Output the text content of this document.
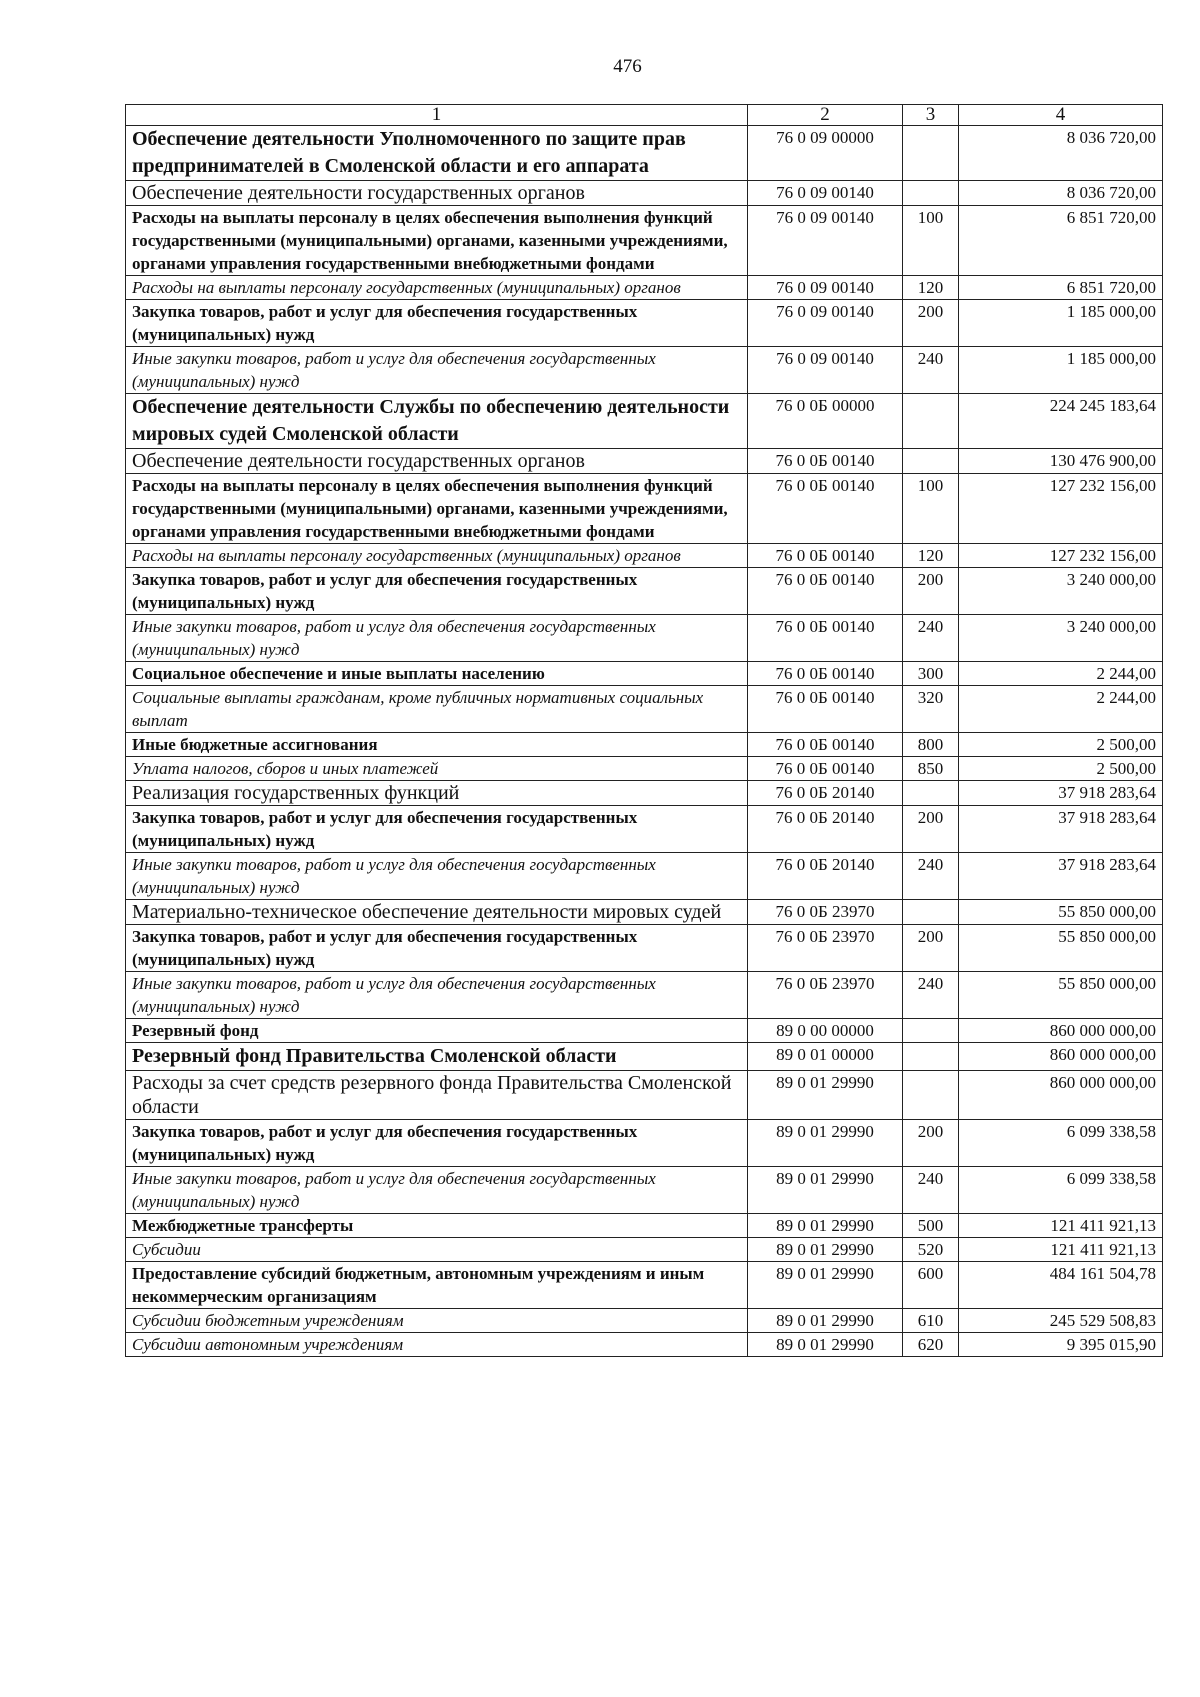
476
1	2	3	4
Обеспечение деятельности Уполномоченного по защите прав предпринимателей в Смоленской области и его аппарата	76 0 09 00000		8 036 720,00
Обеспечение деятельности государственных органов	76 0 09 00140		8 036 720,00
Расходы на выплаты персоналу в целях обеспечения выполнения функций государственными (муниципальными) органами, казенными учреждениями, органами управления государственными внебюджетными фондами	76 0 09 00140	100	6 851 720,00
Расходы на выплаты персоналу государственных (муниципальных) органов	76 0 09 00140	120	6 851 720,00
Закупка товаров, работ и услуг для обеспечения государственных (муниципальных) нужд	76 0 09 00140	200	1 185 000,00
Иные закупки товаров, работ и услуг для обеспечения государственных (муниципальных) нужд	76 0 09 00140	240	1 185 000,00
Обеспечение деятельности Службы по обеспечению деятельности мировых судей Смоленской области	76 0 0Б 00000		224 245 183,64
Обеспечение деятельности государственных органов	76 0 0Б 00140		130 476 900,00
Расходы на выплаты персоналу в целях обеспечения выполнения функций государственными (муниципальными) органами, казенными учреждениями, органами управления государственными внебюджетными фондами	76 0 0Б 00140	100	127 232 156,00
Расходы на выплаты персоналу государственных (муниципальных) органов	76 0 0Б 00140	120	127 232 156,00
Закупка товаров, работ и услуг для обеспечения государственных (муниципальных) нужд	76 0 0Б 00140	200	3 240 000,00
Иные закупки товаров, работ и услуг для обеспечения государственных (муниципальных) нужд	76 0 0Б 00140	240	3 240 000,00
Социальное обеспечение и иные выплаты населению	76 0 0Б 00140	300	2 244,00
Социальные выплаты гражданам, кроме публичных нормативных социальных выплат	76 0 0Б 00140	320	2 244,00
Иные бюджетные ассигнования	76 0 0Б 00140	800	2 500,00
Уплата налогов, сборов и иных платежей	76 0 0Б 00140	850	2 500,00
Реализация государственных функций	76 0 0Б 20140		37 918 283,64
Закупка товаров, работ и услуг для обеспечения государственных (муниципальных) нужд	76 0 0Б 20140	200	37 918 283,64
Иные закупки товаров, работ и услуг для обеспечения государственных (муниципальных) нужд	76 0 0Б 20140	240	37 918 283,64
Материально-техническое обеспечение деятельности мировых судей	76 0 0Б 23970		55 850 000,00
Закупка товаров, работ и услуг для обеспечения государственных (муниципальных) нужд	76 0 0Б 23970	200	55 850 000,00
Иные закупки товаров, работ и услуг для обеспечения государственных (муниципальных) нужд	76 0 0Б 23970	240	55 850 000,00
Резервный фонд	89 0 00 00000		860 000 000,00
Резервный фонд Правительства Смоленской области	89 0 01 00000		860 000 000,00
Расходы за счет средств резервного фонда Правительства Смоленской области	89 0 01 29990		860 000 000,00
Закупка товаров, работ и услуг для обеспечения государственных (муниципальных) нужд	89 0 01 29990	200	6 099 338,58
Иные закупки товаров, работ и услуг для обеспечения государственных (муниципальных) нужд	89 0 01 29990	240	6 099 338,58
Межбюджетные трансферты	89 0 01 29990	500	121 411 921,13
Субсидии	89 0 01 29990	520	121 411 921,13
Предоставление субсидий бюджетным, автономным учреждениям и иным некоммерческим организациям	89 0 01 29990	600	484 161 504,78
Субсидии бюджетным учреждениям	89 0 01 29990	610	245 529 508,83
Субсидии автономным учреждениям	89 0 01 29990	620	9 395 015,90
